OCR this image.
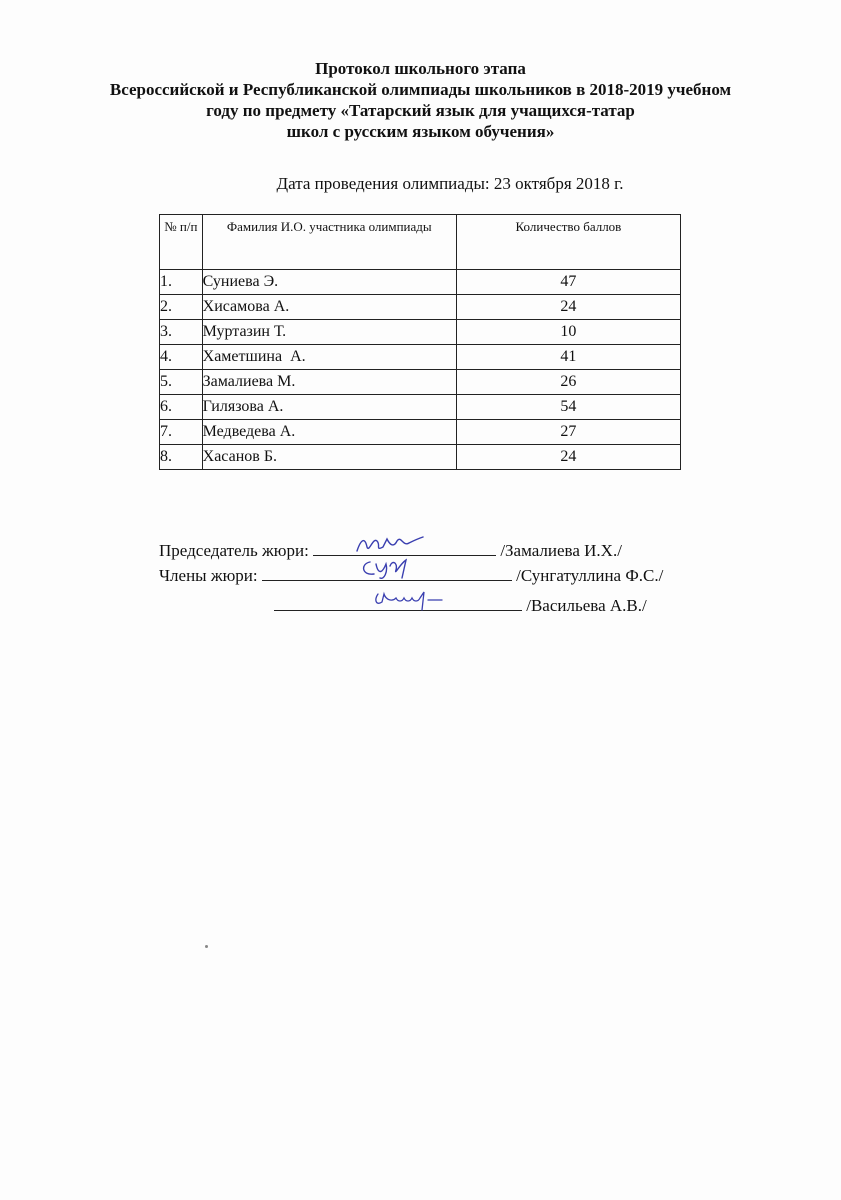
Протокол школьного этапа
Всероссийской и Республиканской олимпиады школьников в 2018-2019 учебном
году по предмету «Татарский язык для учащихся-татар
школ с русским языком обучения»
Дата проведения олимпиады: 23 октября 2018 г.
№ п/п	Фамилия И.О. участника олимпиады	Количество баллов
1.	Суниева Э.	47
2.	Хисамова А.	24
3.	Муртазин Т.	10
4.	Хаметшина  А.	41
5.	Замалиева М.	26
6.	Гилязова А.	54
7.	Медведева А.	27
8.	Хасанов Б.	24
Председатель жюри:	/Замалиева И.Х./
Члены жюри:	/Сунгатуллина Ф.С./
/Васильева А.В./
